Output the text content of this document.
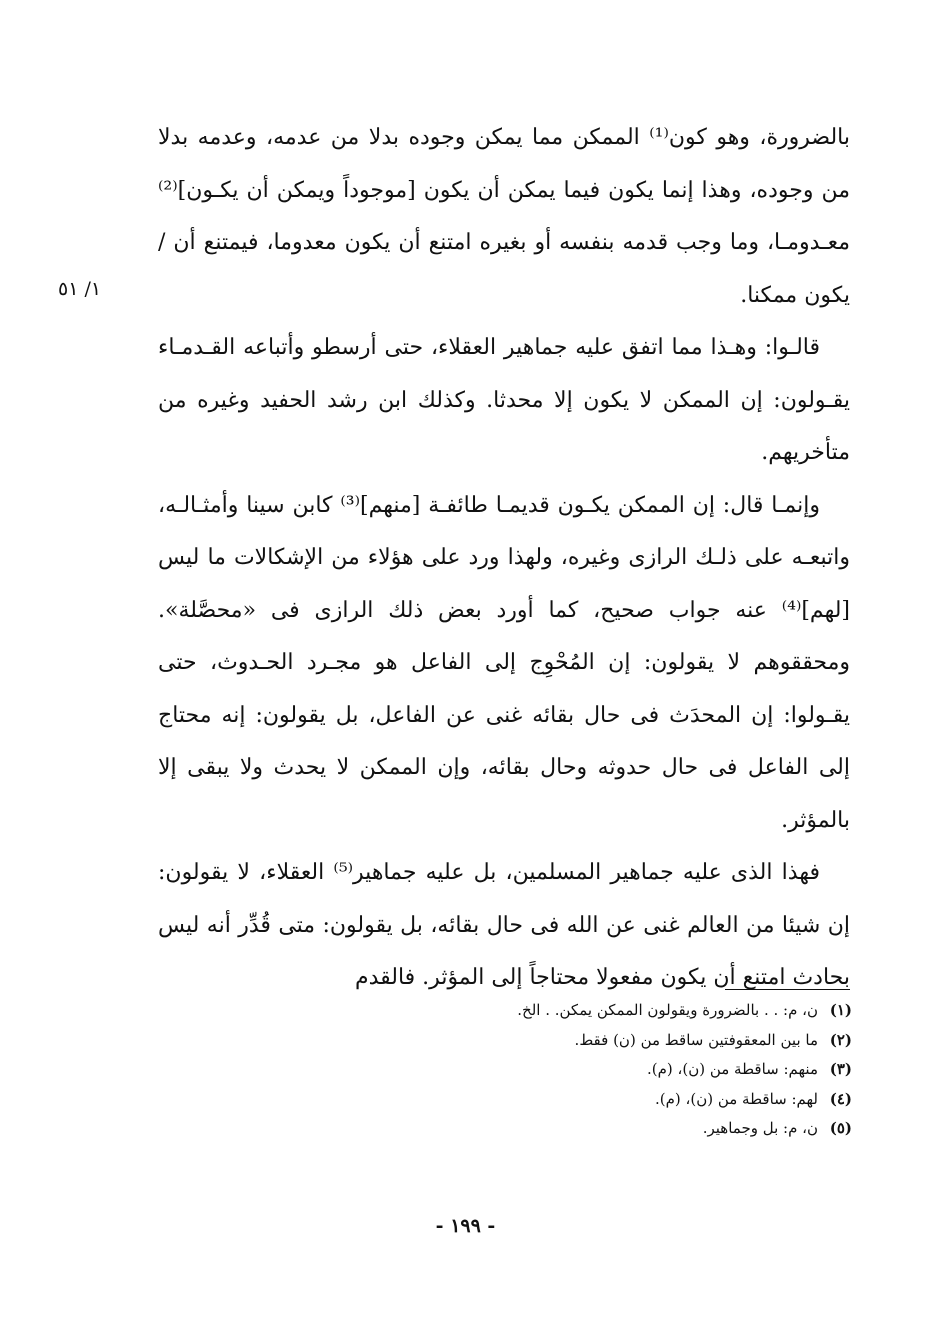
١/ ٥١

بالضرورة، وهو كون⁽¹⁾ الممكن مما يمكن وجوده بدلا من عدمه، وعدمه بدلا من وجوده، وهذا إنما يكون فيما يمكن أن يكون [موجوداً ويمكن أن يكـون]⁽²⁾ معـدومـا، وما وجب قدمه بنفسه أو بغيره امتنع أن يكون معدوما، فيمتنع أن / يكون ممكنا.

قالـوا: وهـذا مما اتفق عليه جماهير العقلاء، حتى أرسطو وأتباعه القـدمـاء يقـولون: إن الممكن لا يكون إلا محدثا. وكذلك ابن رشد الحفيد وغيره من متأخريهم.

وإنمـا قال: إن الممكن يكـون قديمـا طائفـة [منهم]⁽³⁾ كابن سينا وأمثـالـه، واتبعـه على ذلـك الرازى وغيره، ولهذا ورد على هؤلاء من الإشكالات ما ليس [لهم]⁽⁴⁾ عنه جواب صحيح، كما أورد بعض ذلك الرازى فى «محصَّلة». ومحققوهم لا يقولون: إن المُحْوِج إلى الفاعل هو مجـرد الحـدوث، حتى يقـولوا: إن المحدَث فى حال بقائه غنى عن الفاعل، بل يقولون: إنه محتاج إلى الفاعل فى حال حدوثه وحال بقائه، وإن الممكن لا يحدث ولا يبقى إلا بالمؤثر.

فهذا الذى عليه جماهير المسلمين، بل عليه جماهير⁽⁵⁾ العقلاء، لا يقولون: إن شيئا من العالم غنى عن الله فى حال بقائه، بل يقولون: متى قُدِّر أنه ليس بحادث امتنع أن يكون مفعولا محتاجاً إلى المؤثر. فالقدم

(١)
ن، م: . . بالضرورة ويقولون الممكن يمكن. . الخ.
(٢)
ما بين المعقوفتين ساقط من (ن) فقط.
(٣)
منهم: ساقطة من (ن)، (م).
(٤)
لهم: ساقطة من (ن)، (م).
(٥)
ن، م: بل وجماهير.
- ١٩٩ -
